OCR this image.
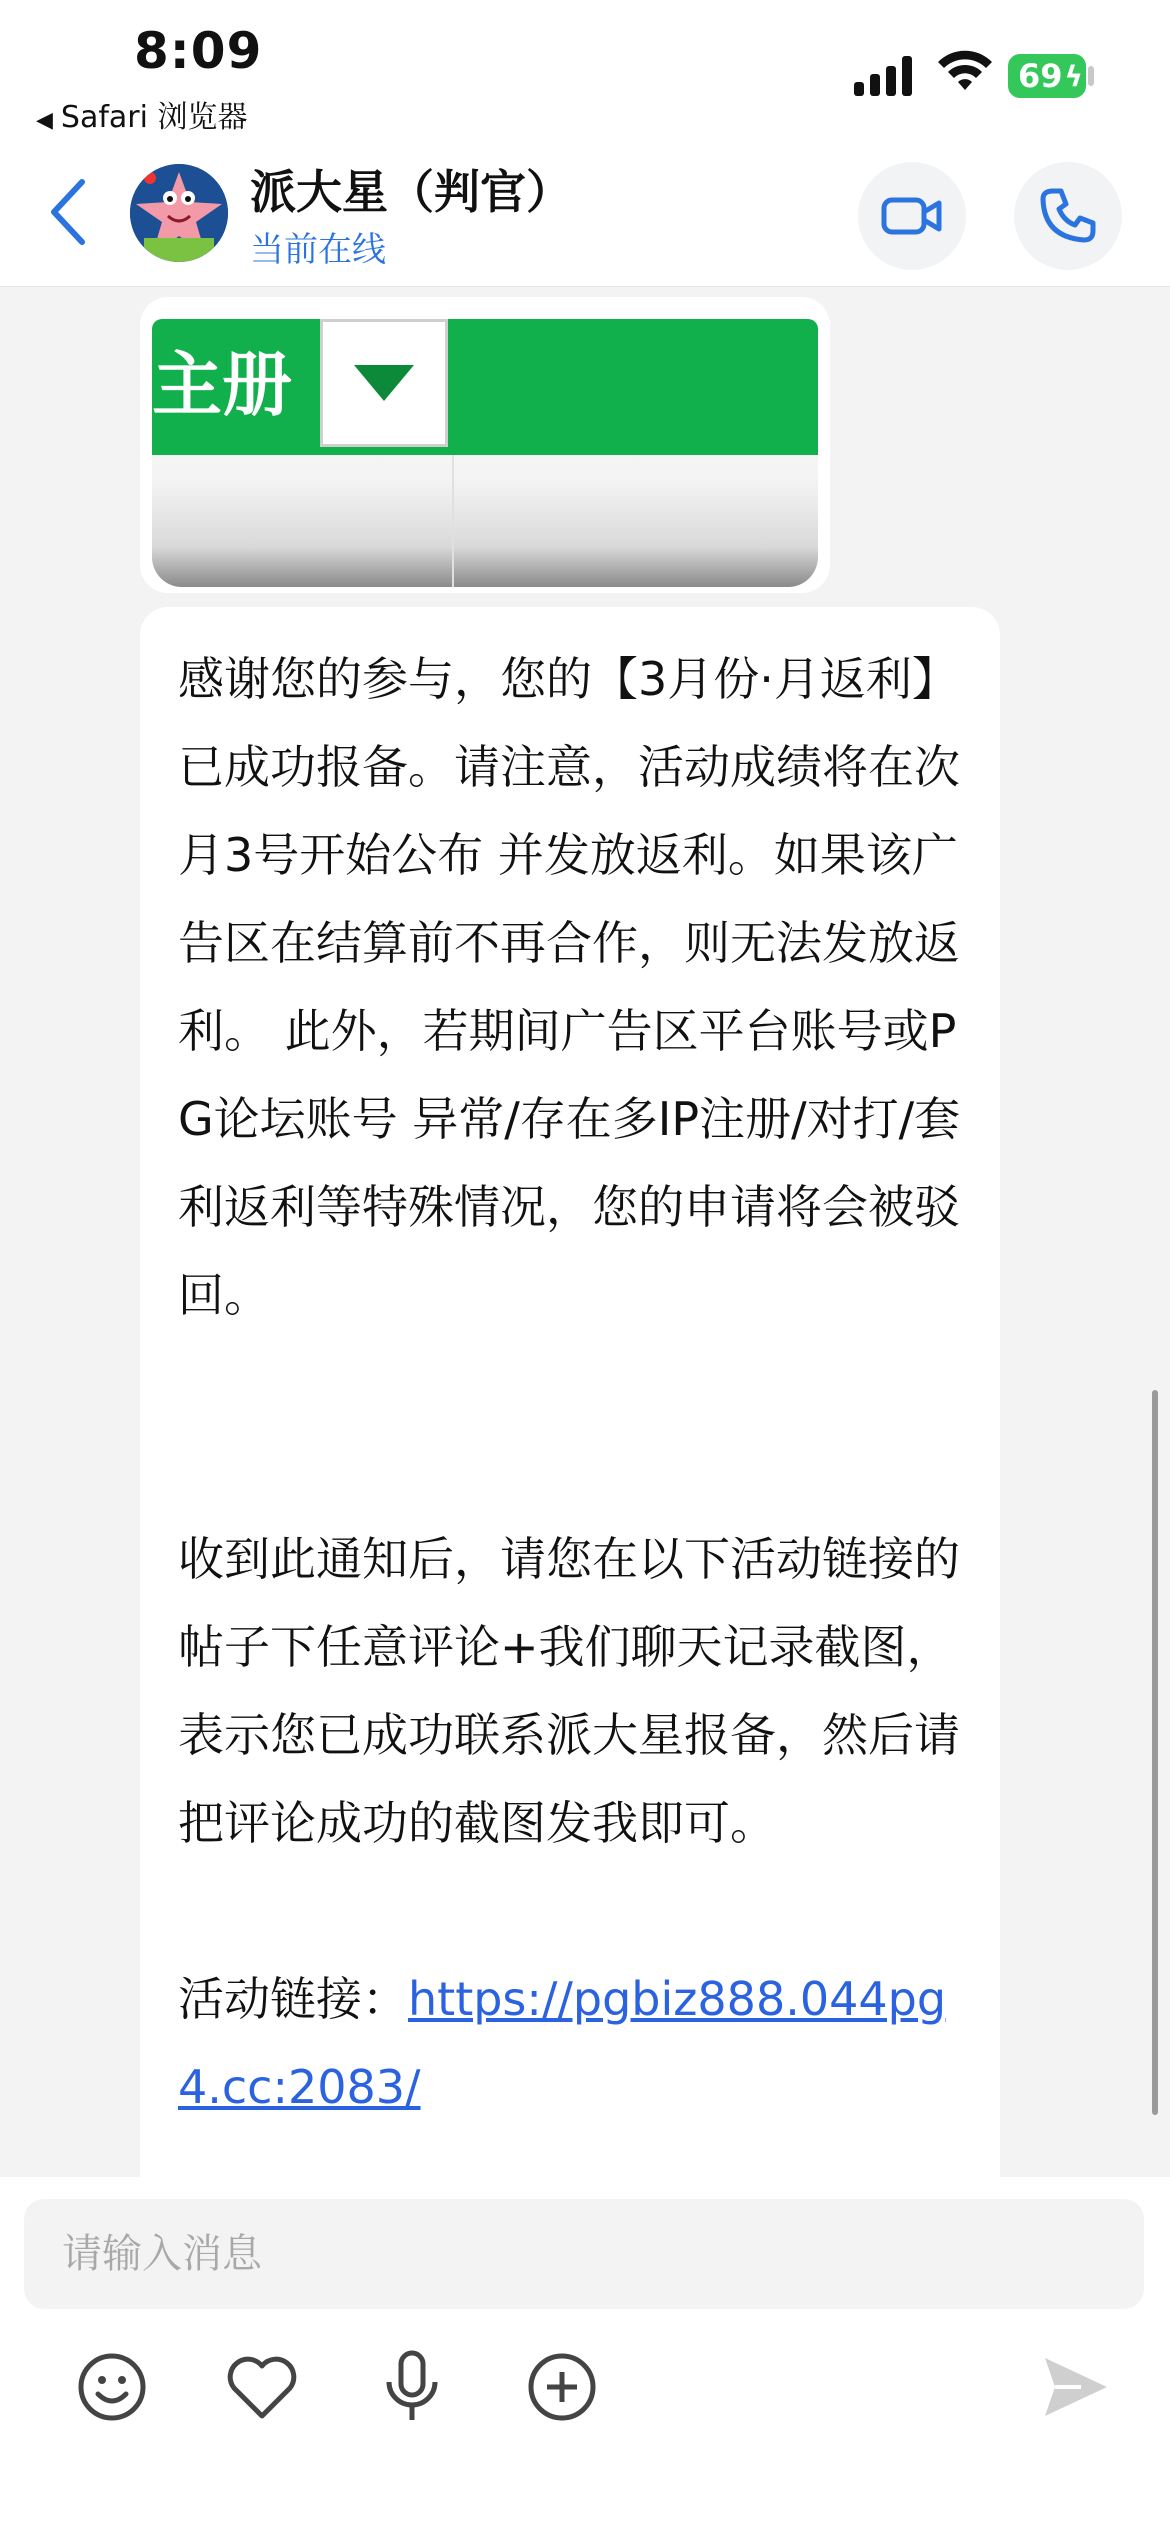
8:09
◀ Safari 浏览器
69 ϟ
派大星（判官）
当前在线
主册
感谢您的参与，您的【3月份·月返利】已成功报备。请注意，活动成绩将在次月3号开始公布 并发放返利。如果该广告区在结算前不再合作，则无法发放返利。 此外，若期间广告区平台账号或PG论坛账号 异常/存在多IP注册/对打/套利返利等特殊情况，您的申请将会被驳回。

收到此通知后，请您在以下活动链接的帖子下任意评论+我们聊天记录截图，表示您已成功联系派大星报备，然后请把评论成功的截图发我即可。

活动链接：https://pgbiz888.044pg4.cc:2083/
请输入消息
